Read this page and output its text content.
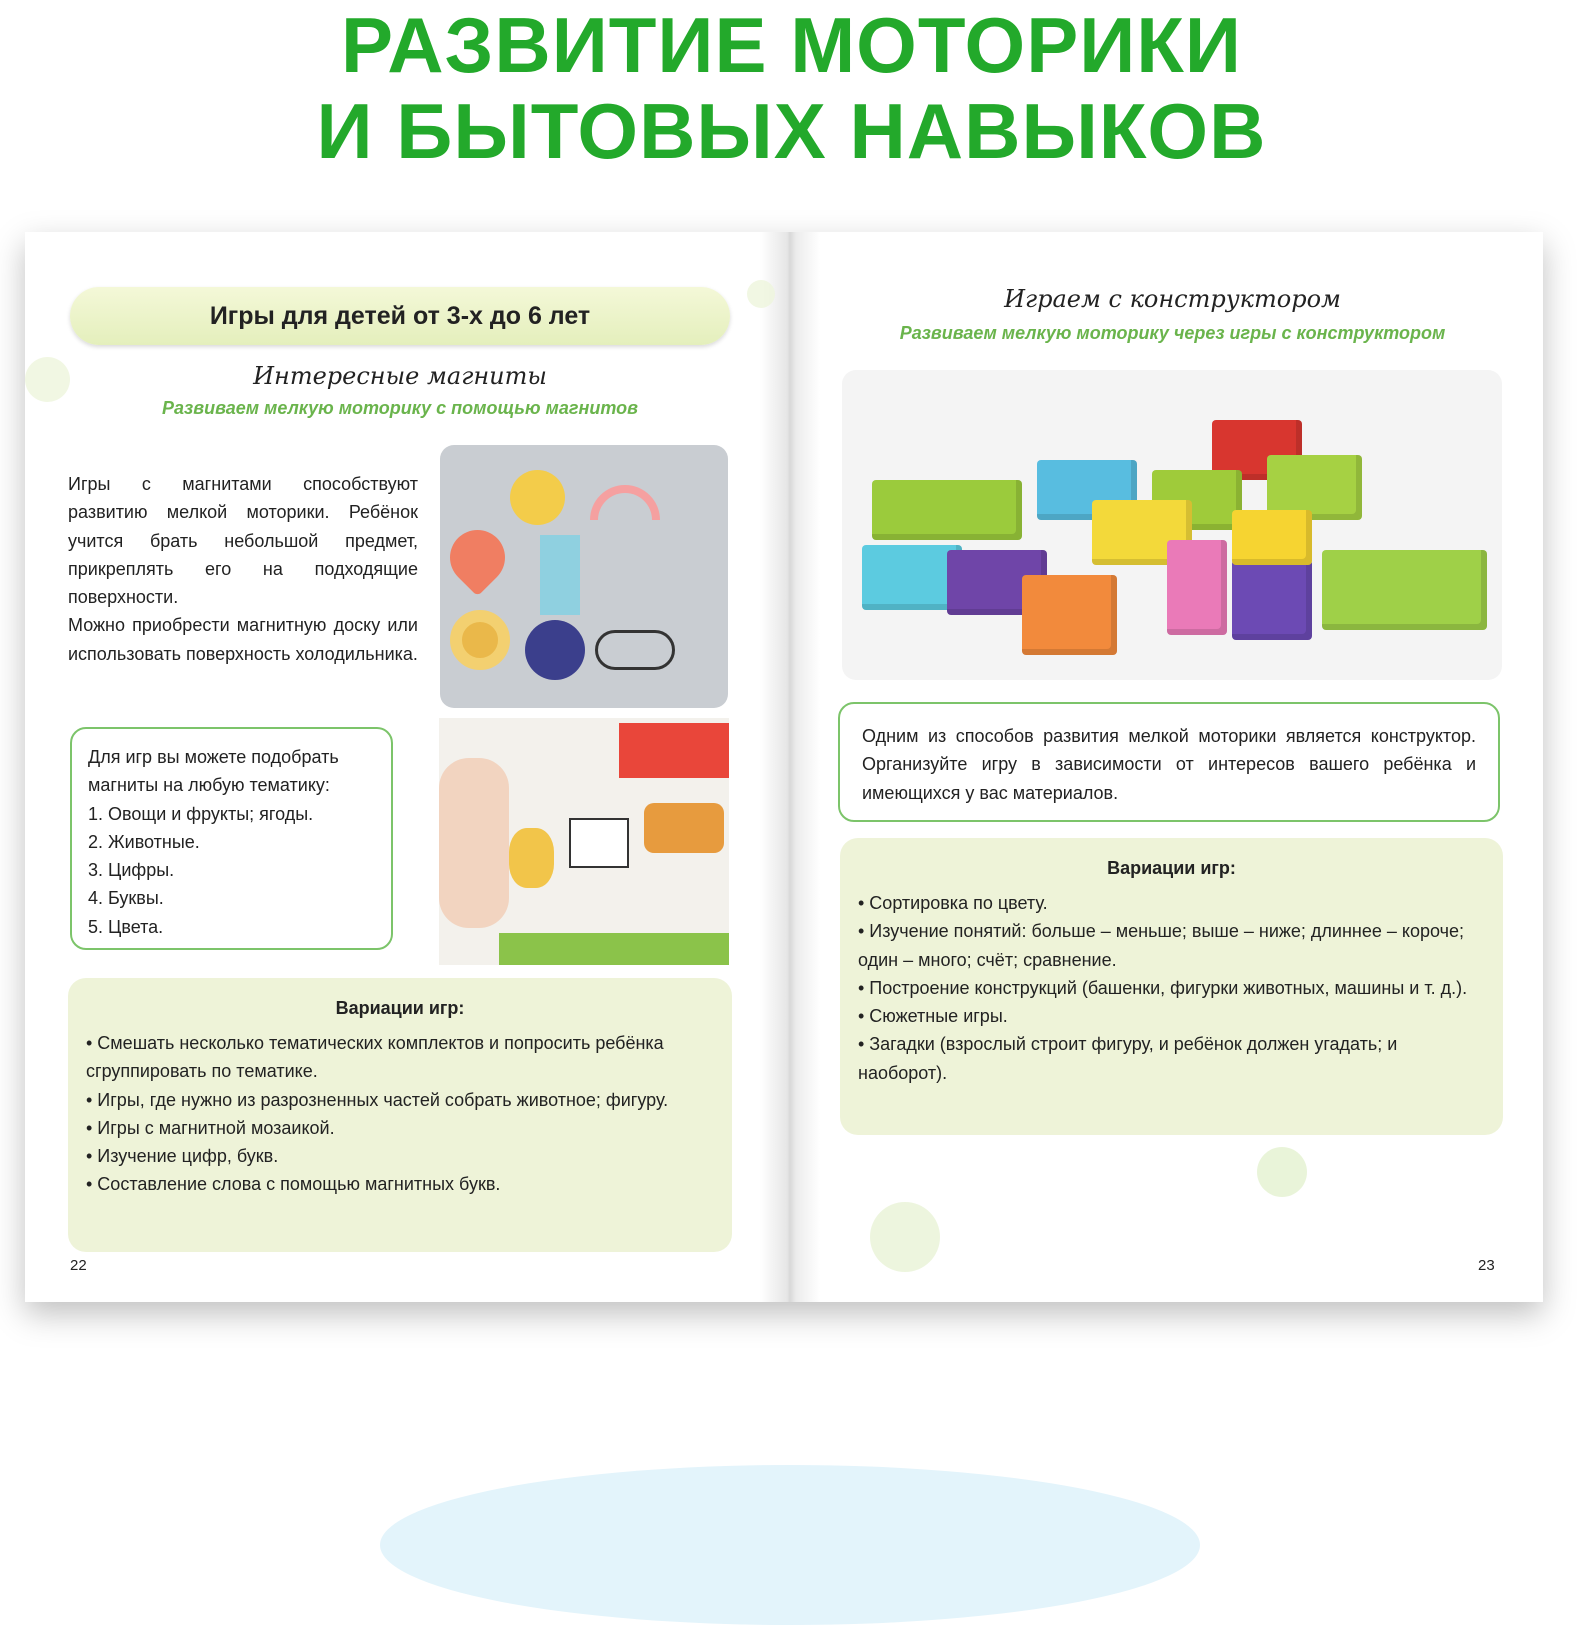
РАЗВИТИЕ МОТОРИКИ
И БЫТОВЫХ НАВЫКОВ
Игры для детей от 3-х до 6 лет
Интересные магниты
Развиваем мелкую моторику с помощью магнитов

Игры с магнитами способствуют развитию мелкой моторики. Ребёнок учится брать небольшой предмет, прикреплять его на подходящие поверхности.

Можно приобрести магнитную доску или использовать поверхность холодильника.

Для игр вы можете подобрать магниты на любую тематику:

1. Овощи и фрукты; ягоды.

2. Животные.

3. Цифры.

4. Буквы.

5. Цвета.

Вариации игр:

• Смешать несколько тематических комплектов и попросить ребёнка сгруппировать по тематике.

• Игры, где нужно из разрозненных частей собрать животное; фигуру.

• Игры с магнитной мозаикой.

• Изучение цифр, букв.

• Составление слова с помощью магнитных букв.

22
Играем с конструктором
Развиваем мелкую моторику через игры с конструктором

Одним из способов развития мелкой моторики является конструктор. Организуйте игру в зависимости от интересов вашего ребёнка и имеющихся у вас материалов.

Вариации игр:

• Сортировка по цвету.

• Изучение понятий: больше – меньше; выше – ниже; длиннее – короче; один – много; счёт; сравнение.

• Построение конструкций (башенки, фигурки животных, машины и т. д.).

• Сюжетные игры.

• Загадки (взрослый строит фигуру, и ребёнок должен угадать; и наоборот).

23
